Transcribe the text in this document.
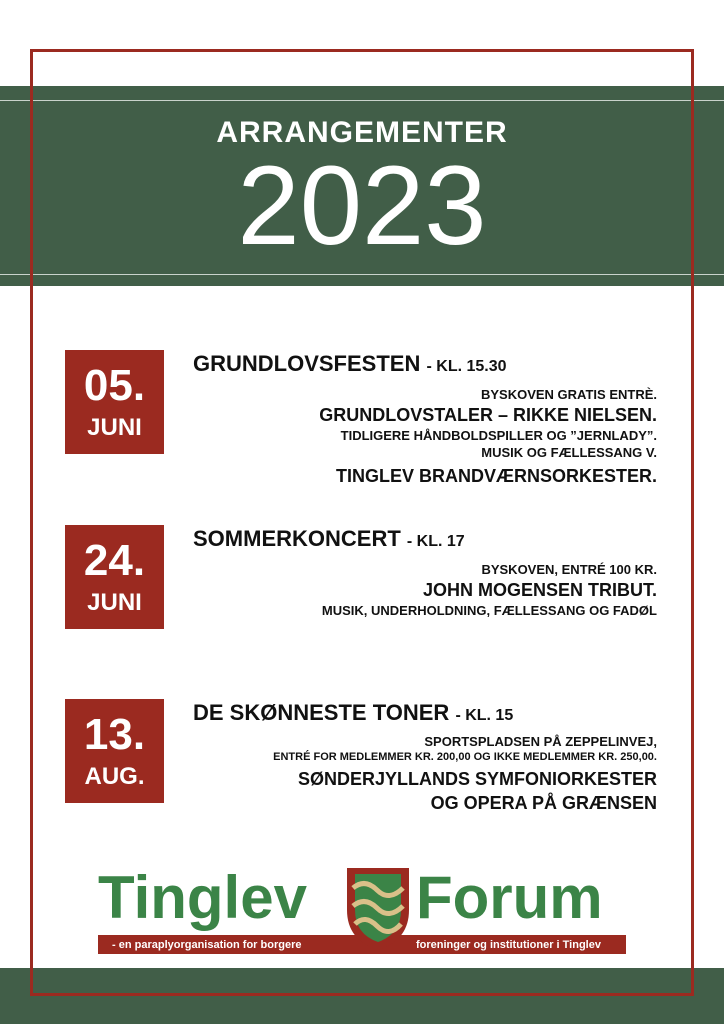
ARRANGEMENTER
2023
05.
JUNI
GRUNDLOVSFESTEN - KL. 15.30
BYSKOVEN GRATIS ENTRÈ.
GRUNDLOVSTALER – RIKKE NIELSEN.
TIDLIGERE HÅNDBOLDSPILLER OG ”JERNLADY”.
MUSIK OG FÆLLESSANG V.
TINGLEV BRANDVÆRNSORKESTER.
24.
JUNI
SOMMERKONCERT - KL. 17
BYSKOVEN, ENTRÉ 100 KR.
JOHN MOGENSEN TRIBUT.
MUSIK, UNDERHOLDNING, FÆLLESSANG OG FADØL
13.
AUG.
DE SKØNNESTE TONER - KL. 15
SPORTSPLADSEN PÅ ZEPPELINVEJ,
ENTRÉ FOR MEDLEMMER KR. 200,00 OG IKKE MEDLEMMER KR. 250,00.
SØNDERJYLLANDS SYMFONIORKESTER
OG OPERA PÅ GRÆNSEN
Tinglev Forum
- en paraplyorganisation for borgere	foreninger og institutioner i Tinglev
